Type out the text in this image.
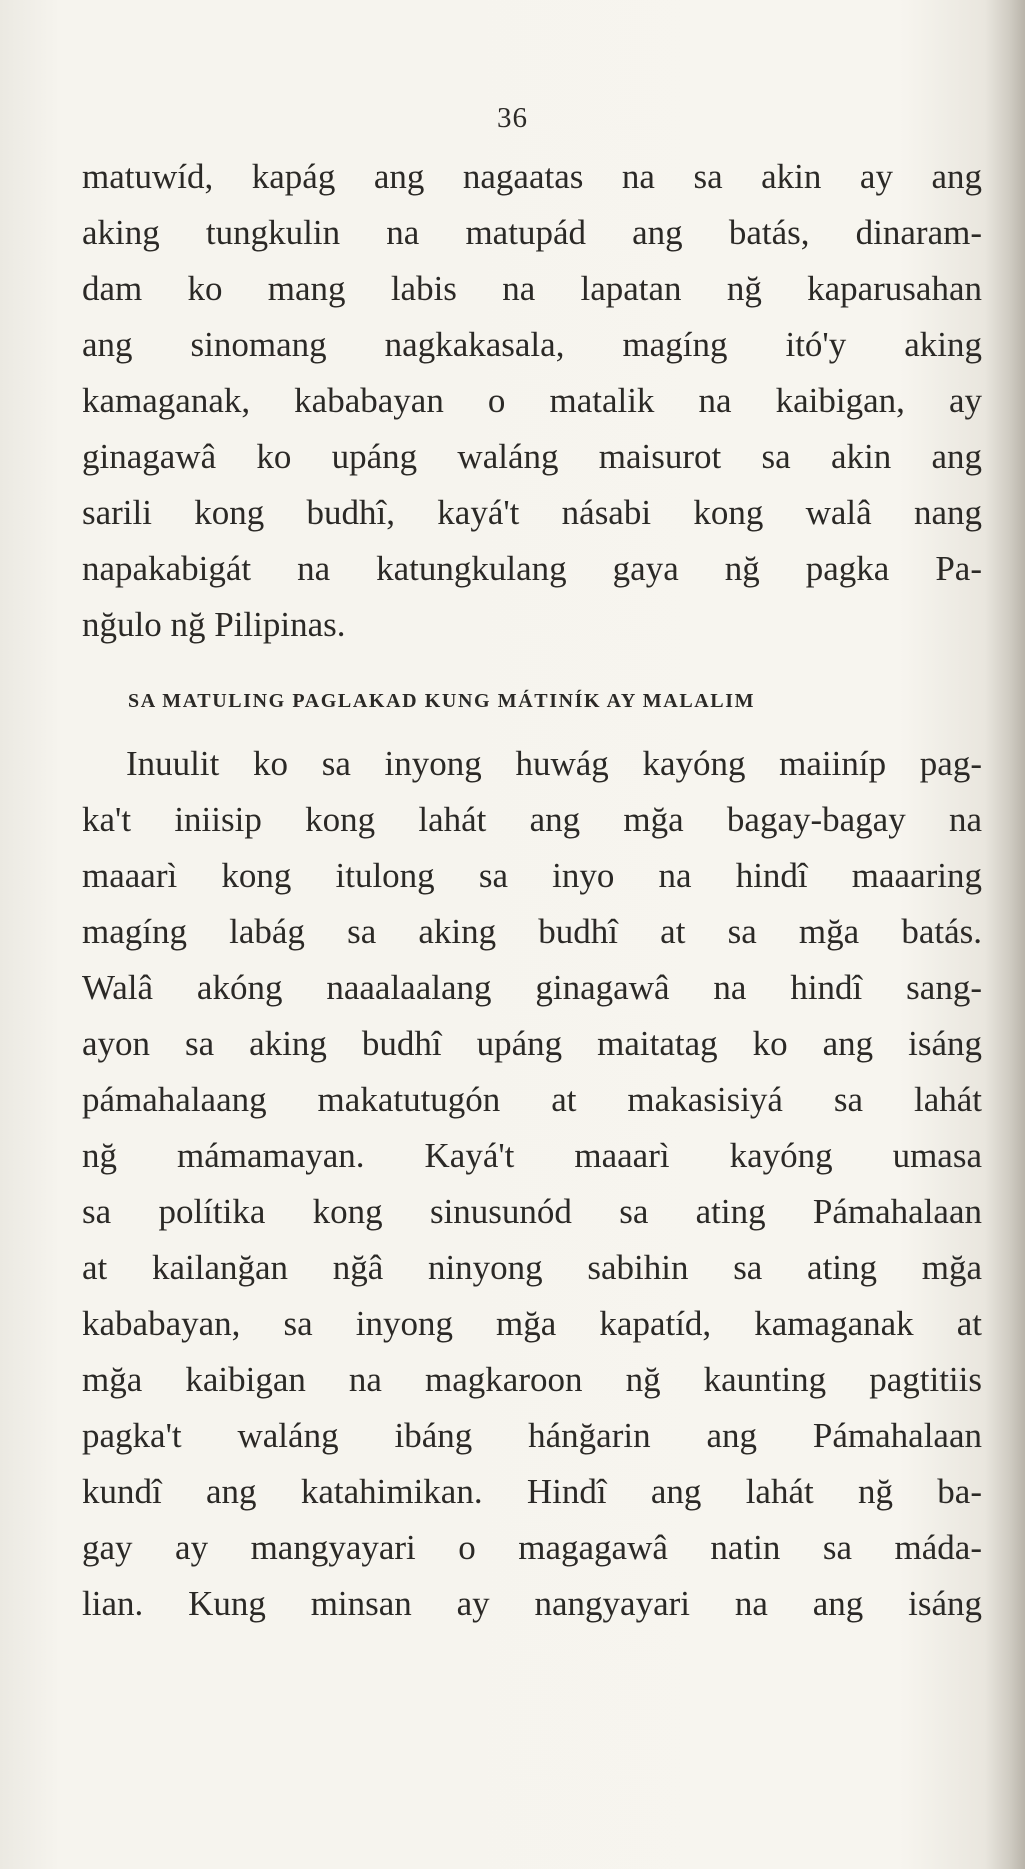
36
matuwíd, kapág ang nagaatas na sa akin ay ang
aking tungkulin na matupád ang batás, dinaram-
dam ko mang labis na lapatan nğ kaparusahan
ang sinomang nagkakasala, magíng itó'y aking
kamaganak, kababayan o matalik na kaibigan, ay
ginagawâ ko upáng waláng maisurot sa akin ang
sarili kong budhî, kayá't násabi kong walâ nang
napakabigát na katungkulang gaya nğ pagka Pa-
nğulo nğ Pilipinas.
SA MATULING PAGLAKAD KUNG MÁTINÍK AY MALALIM
Inuulit ko sa inyong huwág kayóng maiiníp pag-
ka't iniisip kong lahát ang mğa bagay-bagay na
maaarì kong itulong sa inyo na hindî maaaring
magíng labág sa aking budhî at sa mğa batás.
Walâ akóng naaalaalang ginagawâ na hindî sang-
ayon sa aking budhî upáng maitatag ko ang isáng
pámahalaang makatutugón at makasisiyá sa lahát
nğ mámamayan. Kayá't maaarì kayóng umasa
sa polítika kong sinusunód sa ating Pámahalaan
at kailanğan nğâ ninyong sabihin sa ating mğa
kababayan, sa inyong mğa kapatíd, kamaganak at
mğa kaibigan na magkaroon nğ kaunting pagtitiis
pagka't waláng ibáng hánğarin ang Pámahalaan
kundî ang katahimikan. Hindî ang lahát nğ ba-
gay ay mangyayari o magagawâ natin sa máda-
lian. Kung minsan ay nangyayari na ang isáng
